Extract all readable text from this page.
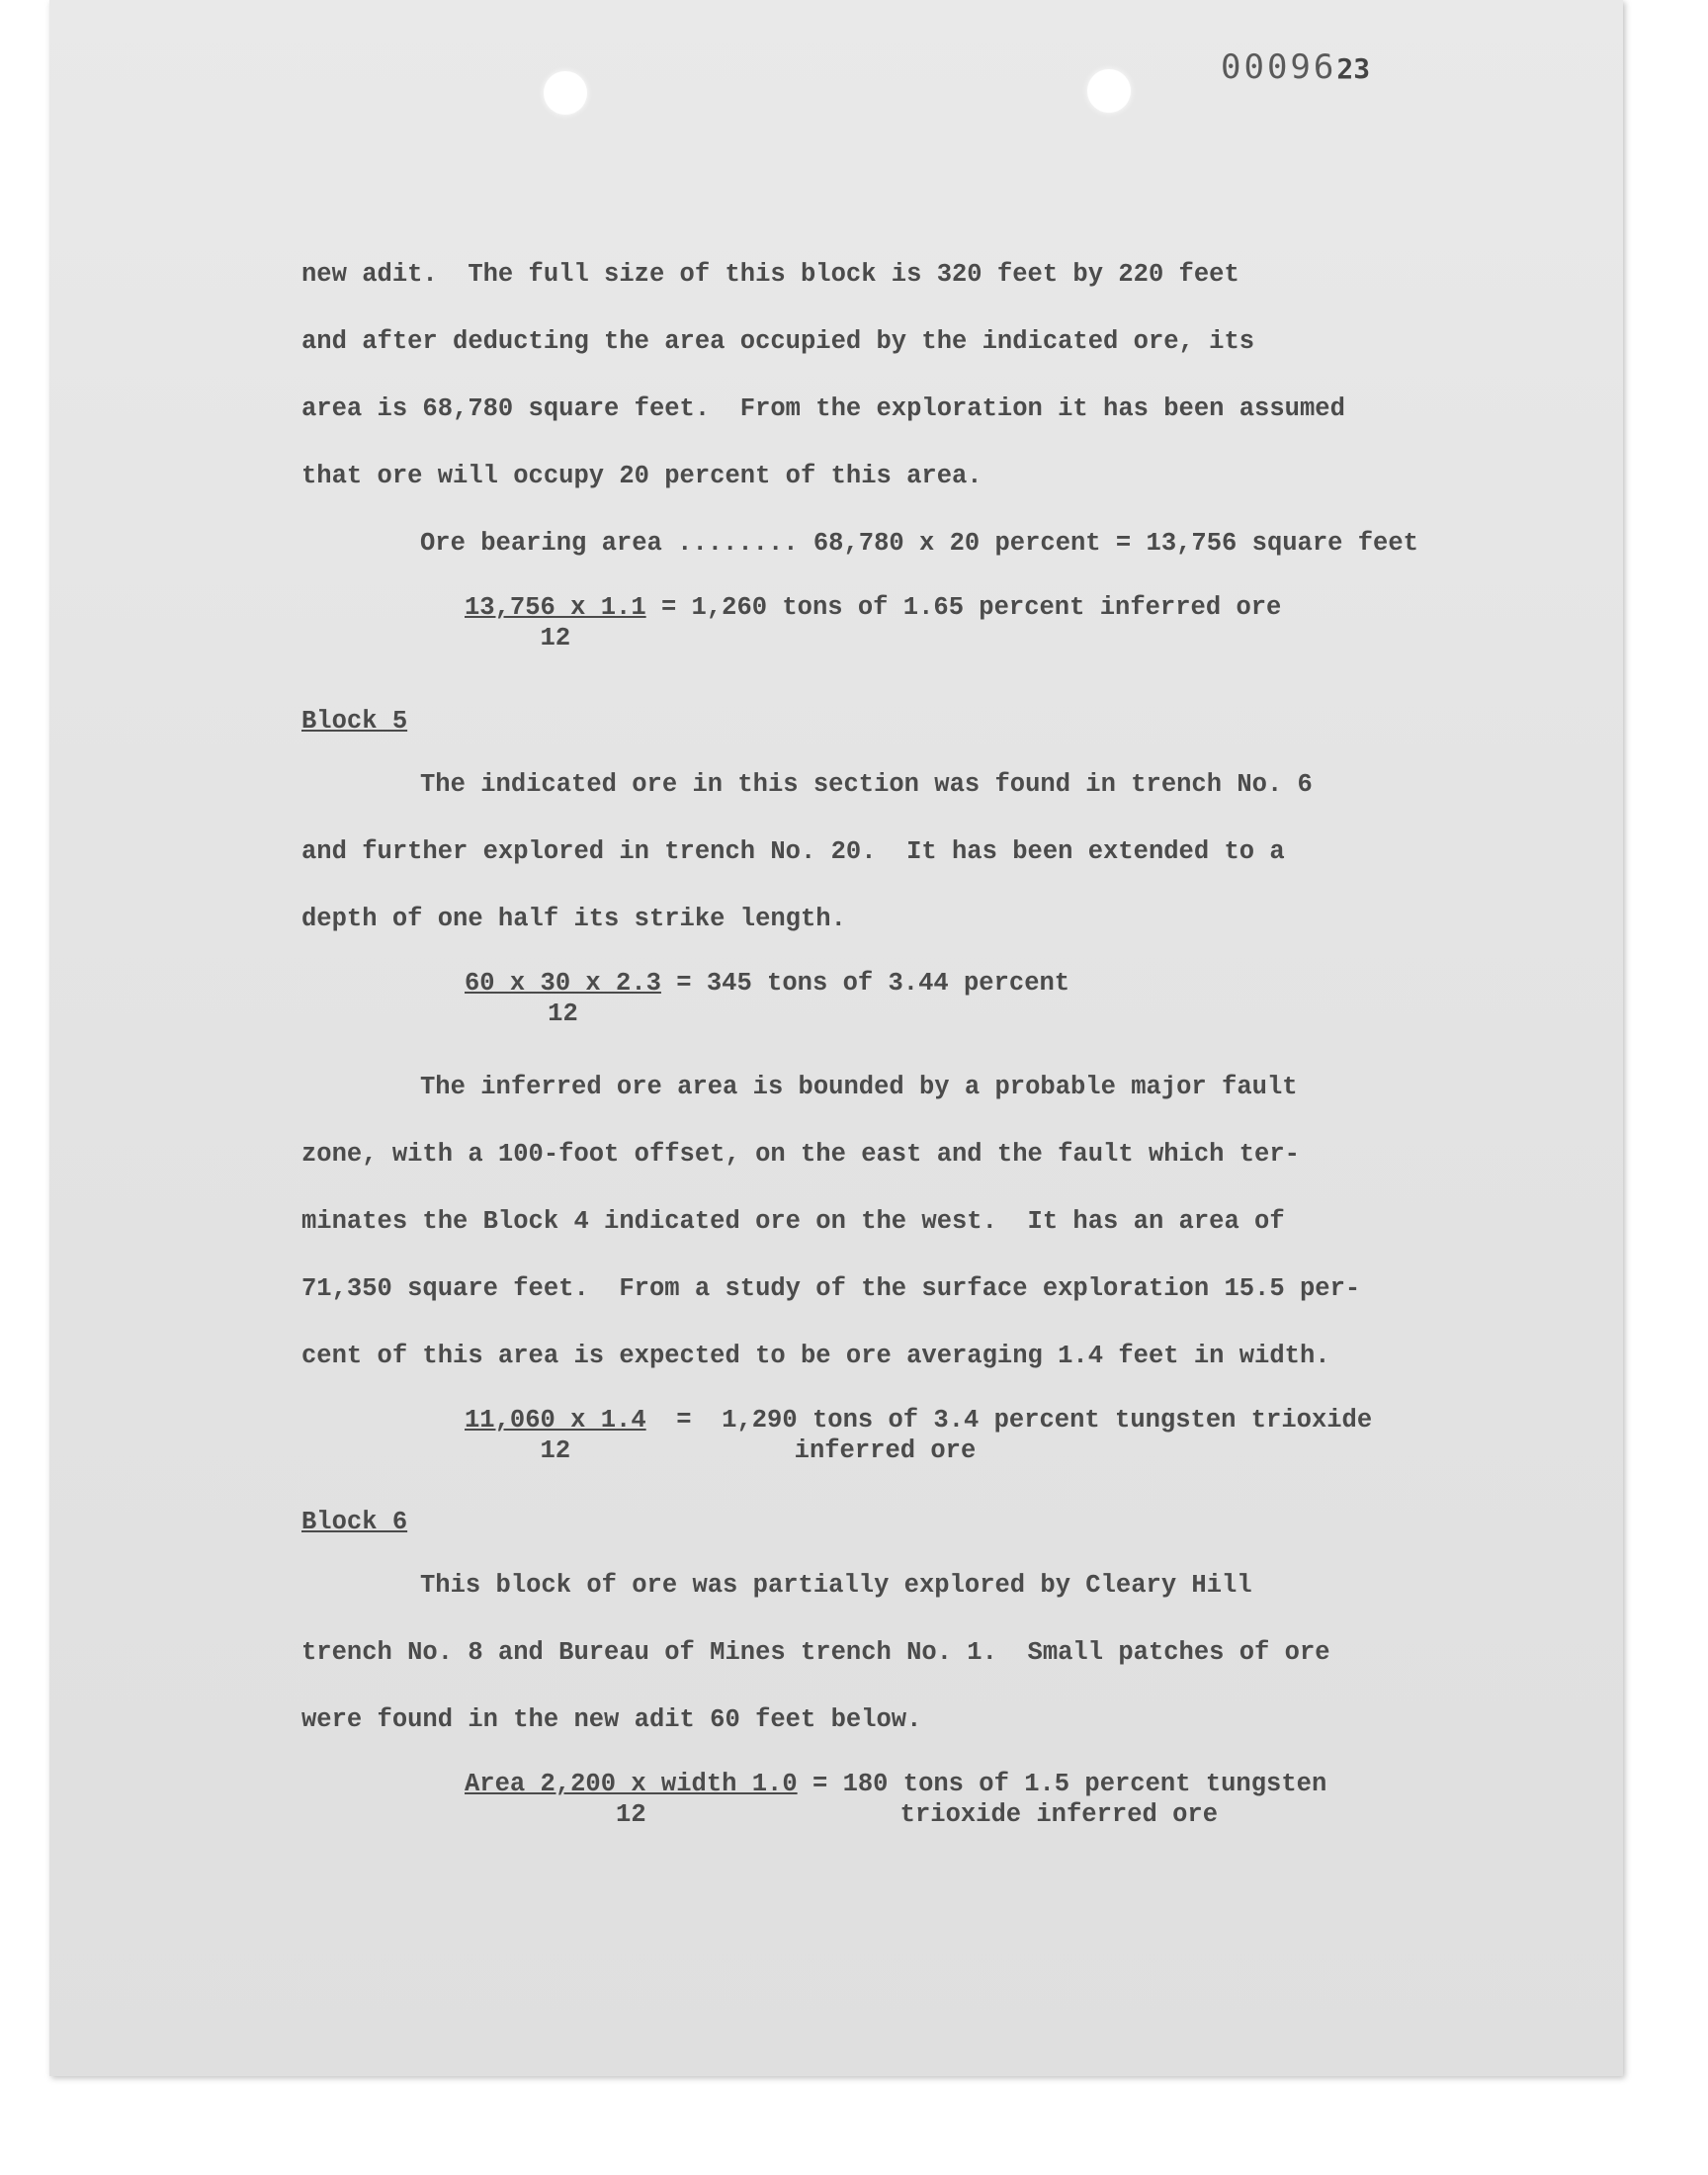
0009623
new adit.  The full size of this block is 320 feet by 220 feet
and after deducting the area occupied by the indicated ore, its
area is 68,780 square feet.  From the exploration it has been assumed
that ore will occupy 20 percent of this area.
Ore bearing area ........ 68,780 x 20 percent = 13,756 square feet
$\frac{13,756 x 1.1}{12} = 1,260$ tons of 1.65 percent inferred ore
Block 5
The indicated ore in this section was found in trench No. 6
and further explored in trench No. 20.  It has been extended to a
depth of one half its strike length.
$\frac{60 x 30 x 2.3}{12} = 345$ tons of 3.44 percent
The inferred ore area is bounded by a probable major fault
zone, with a 100-foot offset, on the east and the fault which ter-
minates the Block 4 indicated ore on the west.  It has an area of
71,350 square feet.  From a study of the surface exploration 15.5 per-
cent of this area is expected to be ore averaging 1.4 feet in width.
$\frac{11,060 x 1.4}{12} = 1,290$ tons of 3.4 percent tungsten trioxide
inferred ore
Block 6
This block of ore was partially explored by Cleary Hill
trench No. 8 and Bureau of Mines trench No. 1.  Small patches of ore
were found in the new adit 60 feet below.
$\frac{\text{Area 2,200 x width 1.0}}{12} = 180$ tons of 1.5 percent tungsten
trioxide inferred ore
